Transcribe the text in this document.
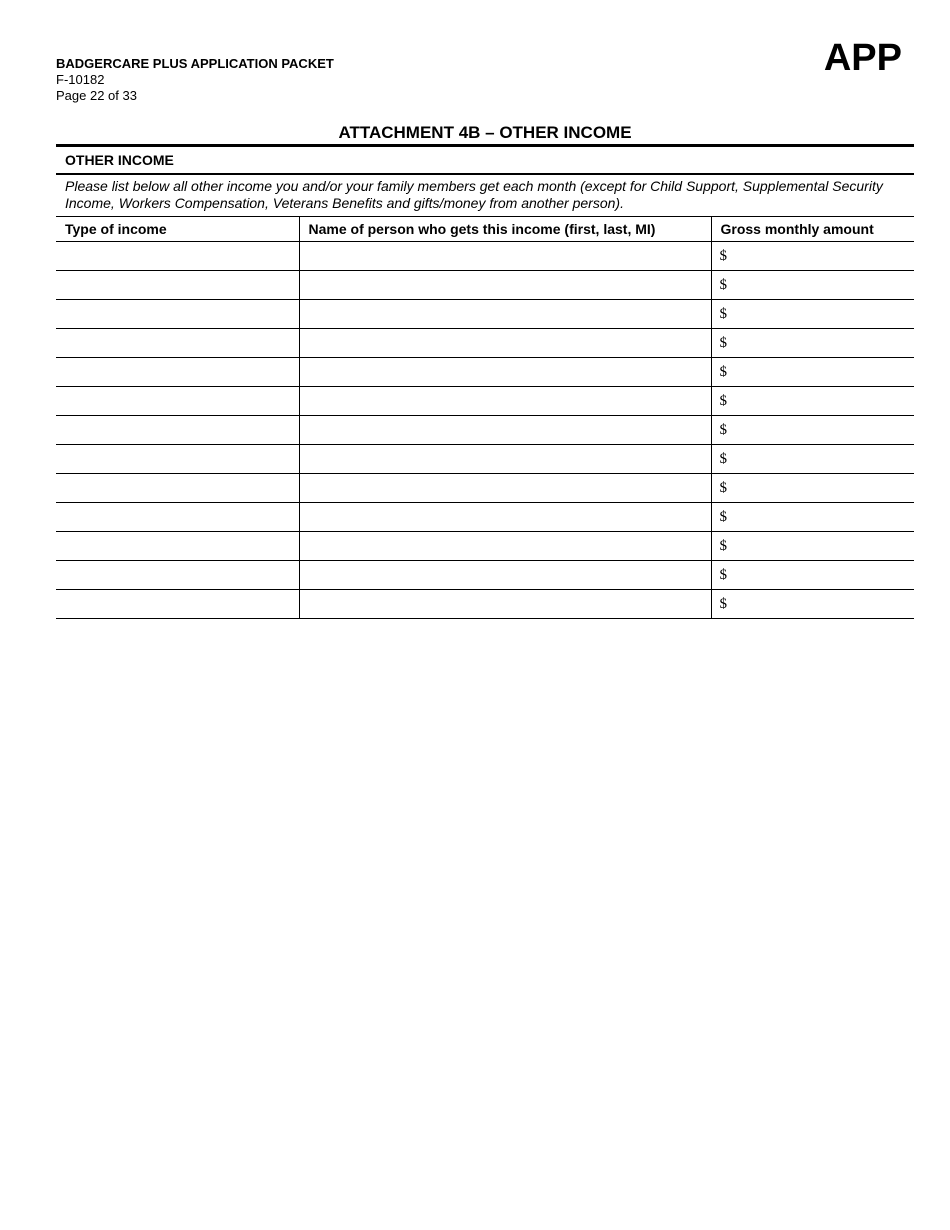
BADGERCARE PLUS APPLICATION PACKET
F-10182
Page 22 of 33
APP
ATTACHMENT 4B – OTHER INCOME
OTHER INCOME
Please list below all other income you and/or your family members get each month (except for Child Support, Supplemental Security Income, Workers Compensation, Veterans Benefits and gifts/money from another person).
Type of income	Name of person who gets this income (first, last, MI)	Gross monthly amount
		$
		$
		$
		$
		$
		$
		$
		$
		$
		$
		$
		$
		$
